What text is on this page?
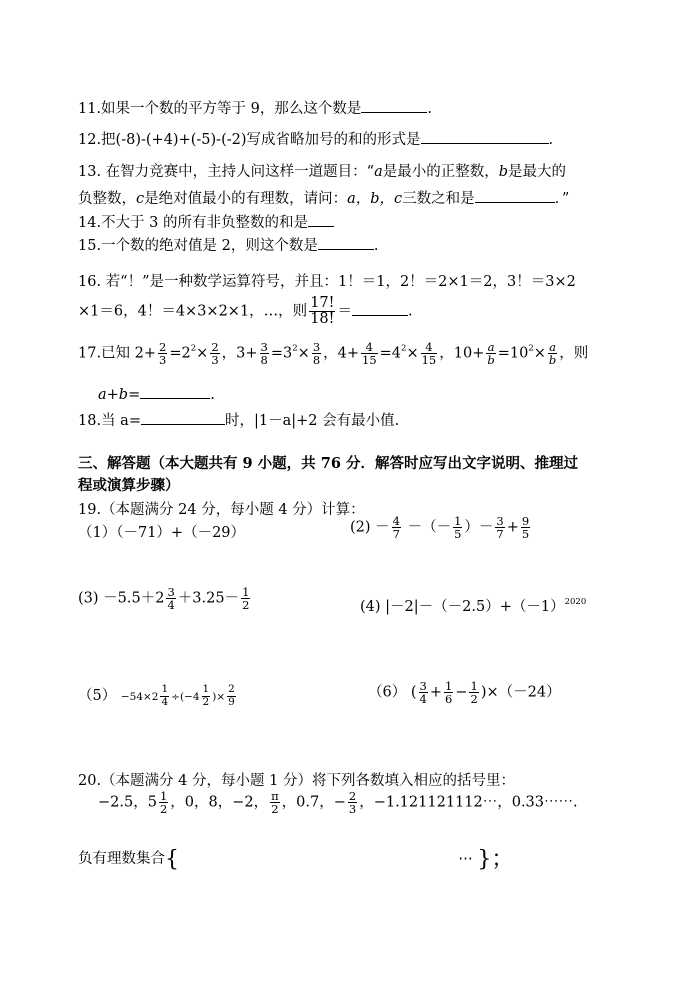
11.如果一个数的平方等于 9，那么这个数是	.
12.把(-8)-(+4)+(-5)-(-2)写成省略加号的和的形式是	.
13. 在智力竞赛中，主持人问这样一道题目：“a是最小的正整数，b是最大的
负整数，c是绝对值最小的有理数，请问：a，b，c三数之和是	．”
14.不大于 3 的所有非负整数的和是
15.一个数的绝对值是 2，则这个数是	.
16. 若“！”是一种数学运算符号，并且：1！＝1，2！＝2×1＝2，3！＝3×2
×1＝6，4！＝4×3×2×1，…，则 $\frac{17!}{18!}$ ＝	.
17.已知 $2+ \frac{2}{3} =2^2\times \frac{2}{3}$ ，$3+ \frac{3}{8} =3^2\times \frac{3}{8}$ ，$4+ \frac{4}{15} =4^2\times \frac{4}{15}$ ，$10+ \frac{a}{b} =10^2\times \frac{a}{b}$ ，则
a+b=	.
18.当 a=	时，|1－a|+2 会有最小值.
三、解答题（本大题共有 9 小题，共 76 分．解答时应写出文字说明、推理过
程或演算步骤）
19.（本题满分 24 分，每小题 4 分）计算：
（1）（－71）+（－29）	$(2) - \frac{4}{7}$ －（－ $\frac{1}{5}$ ）－ $\frac{3}{7} + \frac{9}{5}$
$(3) -5.5+2 \frac{3}{4} +3.25- \frac{1}{2}$	(4) $|-2|-(-2.5)+(-1)^{2020}$
$(5) -54\times 2 \frac{1}{4} \div(-4 \frac{1}{2}$ )× $\frac{2}{9}$	（6） ( $\frac{3}{4} + \frac{1}{6} - \frac{1}{2} )\times(-24)$
20.（本题满分 4 分，每小题 1 分）将下列各数填入相应的括号里：
−2.5，$5 \frac{1}{2}$ ，0，8，−2， $\frac{\pi}{2}$ ，0.7，− $\frac{2}{3}$ ，−1.121121112⋯，0.33⋯⋯.
负有理数集合{	⋯ }；
